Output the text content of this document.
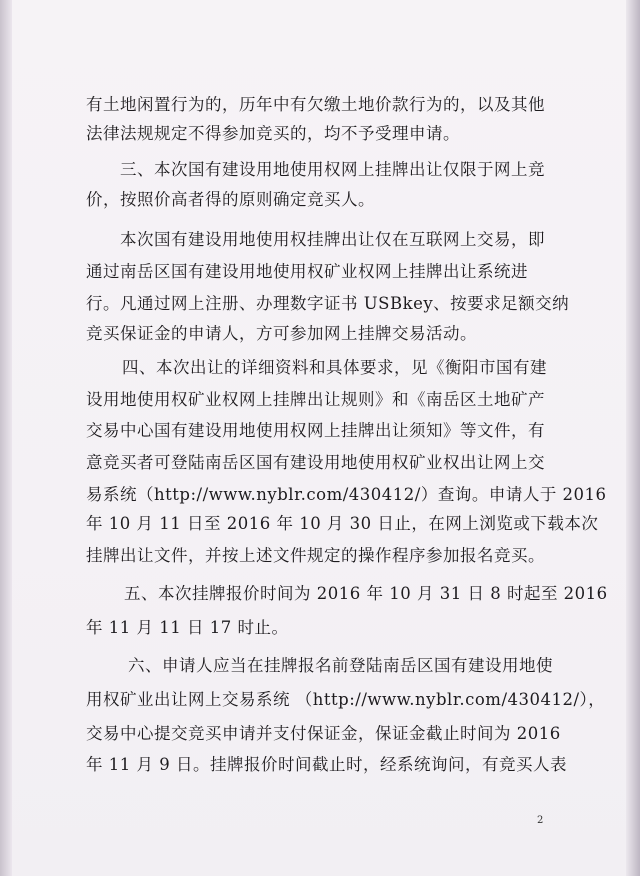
有土地闲置行为的，历年中有欠缴土地价款行为的，以及其他
法律法规规定不得参加竞买的，均不予受理申请。
三、本次国有建设用地使用权网上挂牌出让仅限于网上竞
价，按照价高者得的原则确定竞买人。
本次国有建设用地使用权挂牌出让仅在互联网上交易，即
通过南岳区国有建设用地使用权矿业权网上挂牌出让系统进
行。凡通过网上注册、办理数字证书 USBkey、按要求足额交纳
竞买保证金的申请人，方可参加网上挂牌交易活动。
四、本次出让的详细资料和具体要求，见《衡阳市国有建
设用地使用权矿业权网上挂牌出让规则》和《南岳区土地矿产
交易中心国有建设用地使用权网上挂牌出让须知》等文件，有
意竞买者可登陆南岳区国有建设用地使用权矿业权出让网上交
易系统（http://www.nyblr.com/430412/）查询。申请人于 2016
年 10 月 11 日至 2016 年 10 月 30 日止，在网上浏览或下载本次
挂牌出让文件，并按上述文件规定的操作程序参加报名竞买。
五、本次挂牌报价时间为 2016 年 10 月 31 日 8 时起至 2016
年 11 月 11 日 17 时止。
六、申请人应当在挂牌报名前登陆南岳区国有建设用地使
用权矿业出让网上交易系统 （http://www.nyblr.com/430412/），
交易中心提交竞买申请并支付保证金，保证金截止时间为 2016
年 11 月 9 日。挂牌报价时间截止时，经系统询问，有竞买人表
2
